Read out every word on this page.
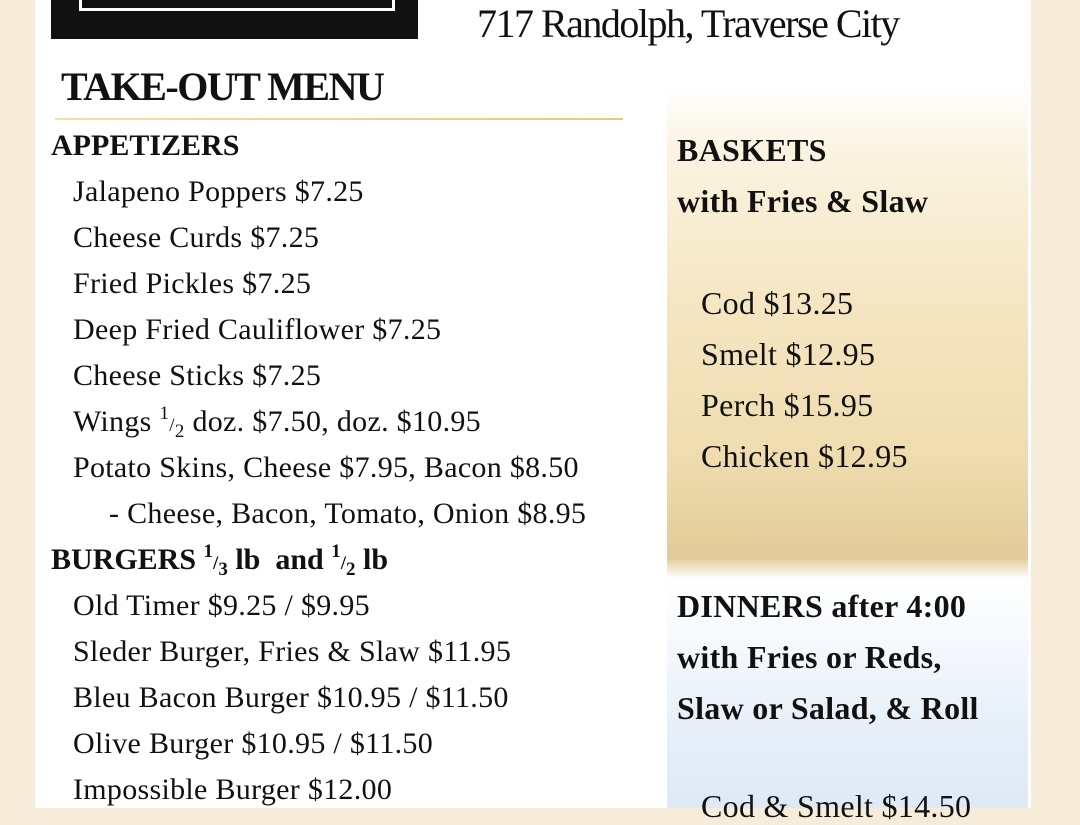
717 Randolph, Traverse City
TAKE-OUT MENU
APPETIZERS
Jalapeno Poppers $7.25
Cheese Curds $7.25
Fried Pickles $7.25
Deep Fried Cauliflower $7.25
Cheese Sticks $7.25
Wings $^1/_2$ doz. $7.50, doz. $10.95
Potato Skins, Cheese $7.95, Bacon $8.50
- Cheese, Bacon, Tomato, Onion $8.95
BURGERS $^1/_3$ lb  and $^1/_2$ lb
Old Timer $9.25 / $9.95
Sleder Burger, Fries & Slaw $11.95
Bleu Bacon Burger $10.95 / $11.50
Olive Burger $10.95 / $11.50
Impossible Burger $12.00
BASKETS
with Fries & Slaw
Cod $13.25
Smelt $12.95
Perch $15.95
Chicken $12.95
DINNERS after 4:00
with Fries or Reds,
Slaw or Salad, & Roll
Cod & Smelt $14.50
